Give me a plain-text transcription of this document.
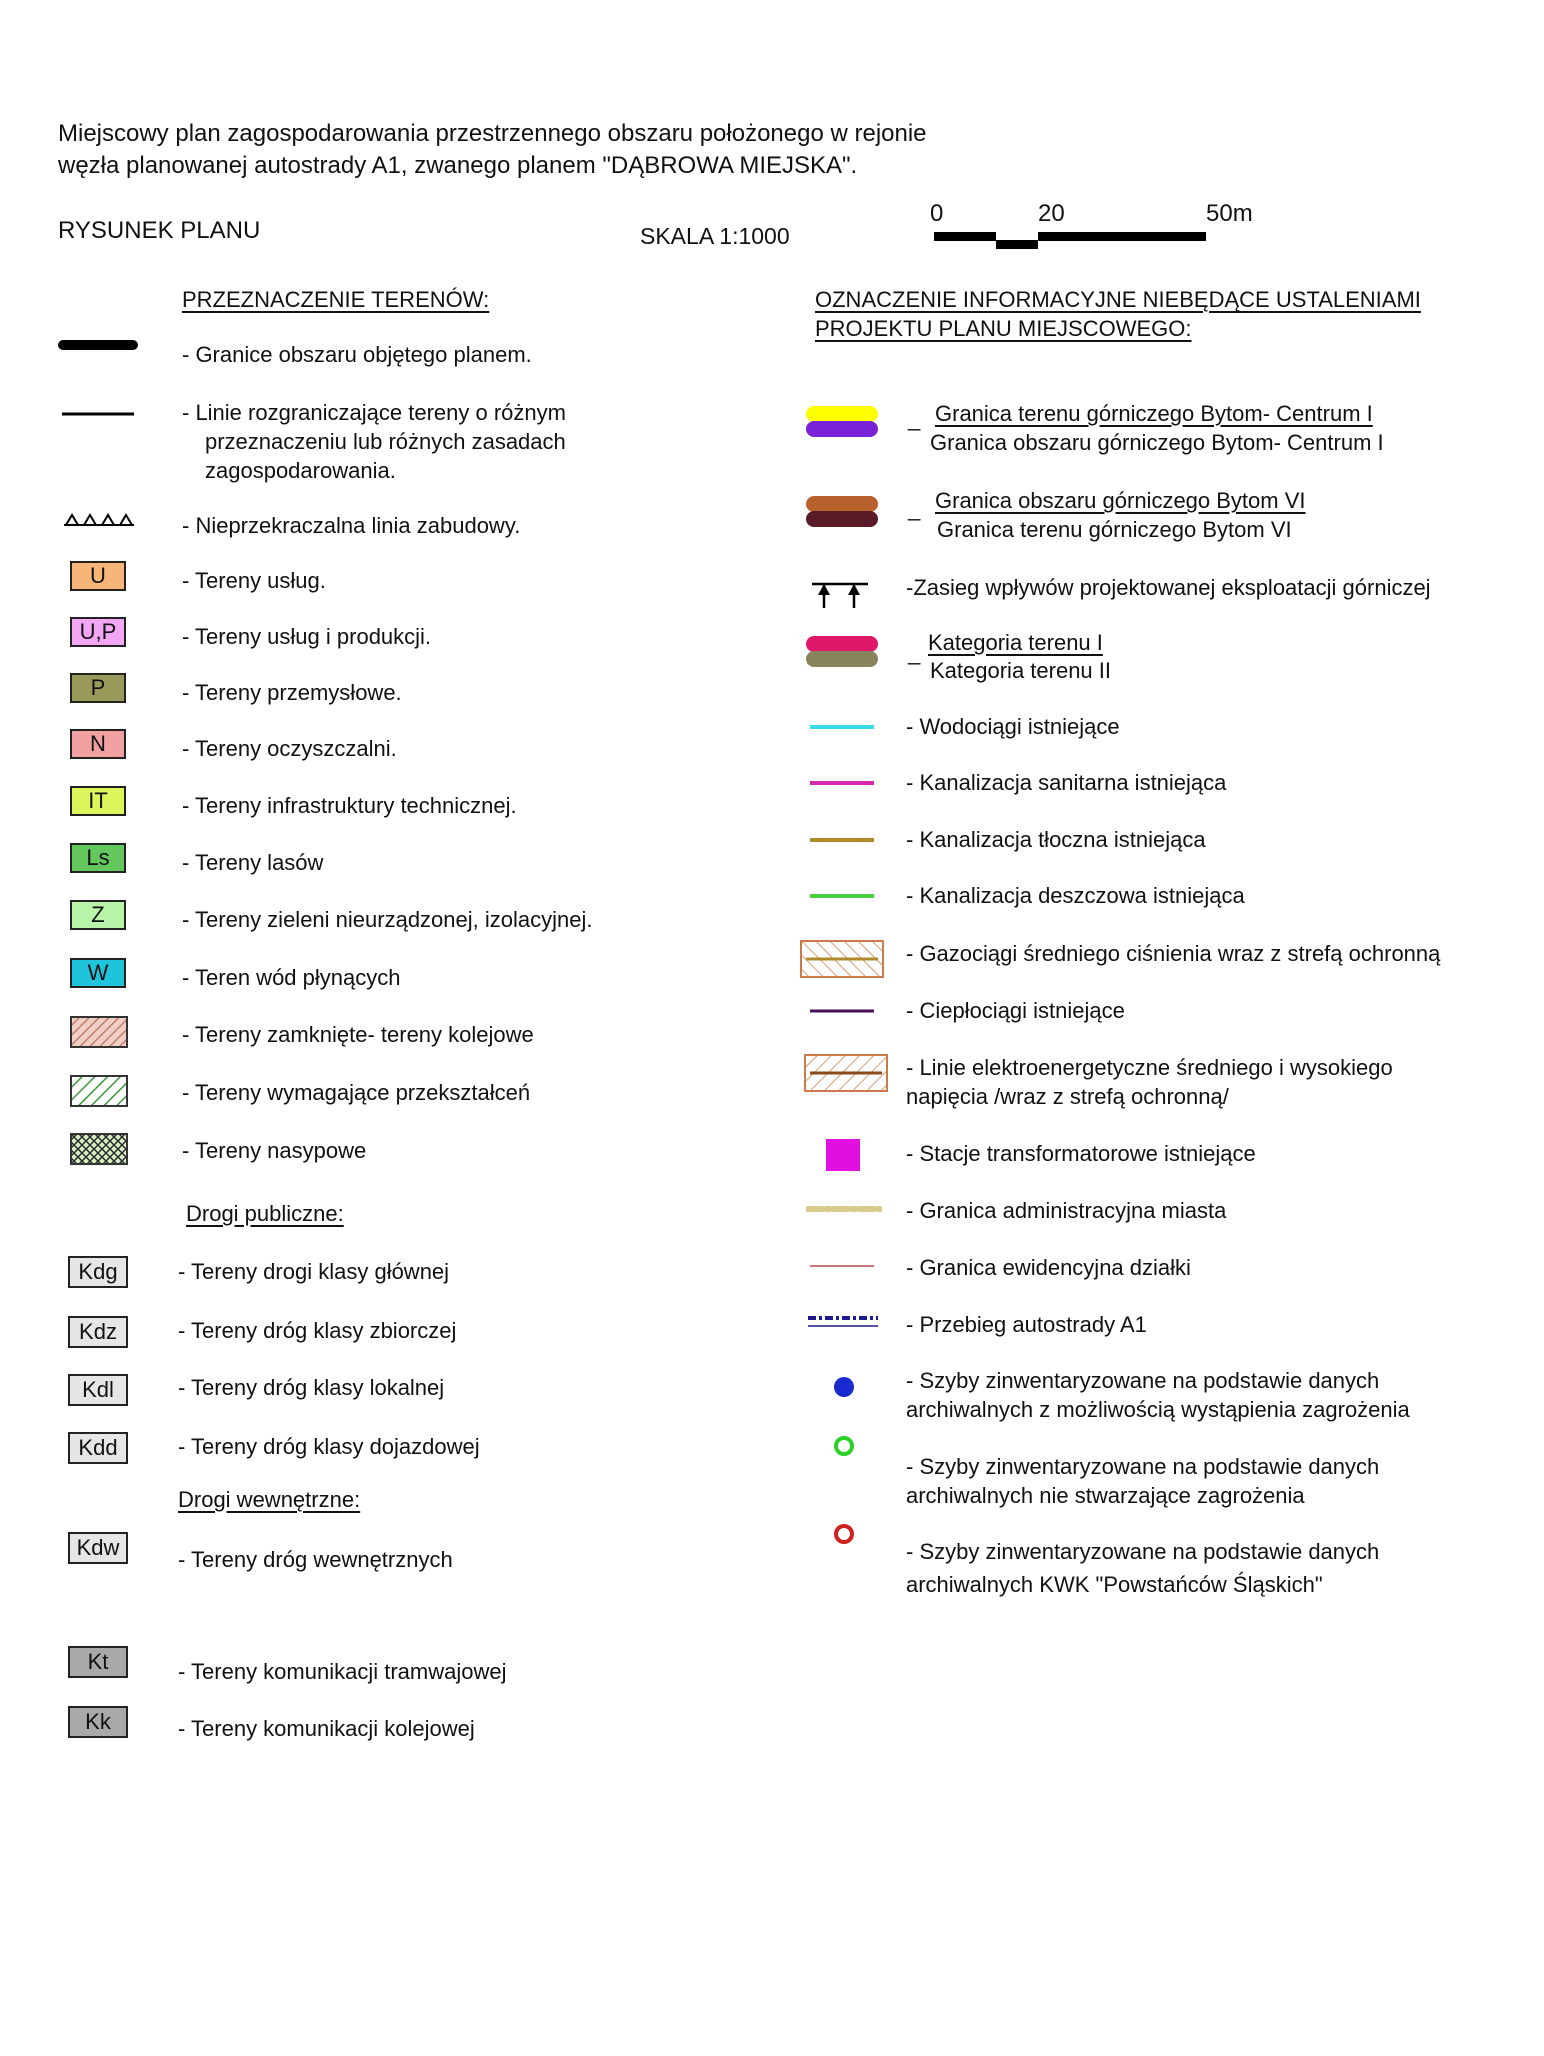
Miejscowy plan zagospodarowania przestrzennego obszaru położonego w rejonie
węzła planowanej autostrady A1, zwanego planem "DĄBROWA MIEJSKA".
RYSUNEK PLANU	SKALA 1:1000
0	20	50m
PRZEZNACZENIE TERENÓW:
- Granice obszaru objętego planem.
- Linie rozgraniczające tereny o różnym
przeznaczeniu lub różnych zasadach
zagospodarowania.
- Nieprzekraczalna linia zabudowy.
U	- Tereny usług.
U,P	- Tereny usług i produkcji.
P	- Tereny przemysłowe.
N	- Tereny oczyszczalni.
IT	- Tereny infrastruktury technicznej.
Ls	- Tereny lasów
Z	- Tereny zieleni nieurządzonej, izolacyjnej.
W	- Teren wód płynących
- Tereny zamknięte- tereny kolejowe
- Tereny wymagające przekształceń
- Tereny nasypowe
Drogi publiczne:
Kdg	- Tereny drogi klasy głównej
Kdz	- Tereny dróg klasy zbiorczej
Kdl	- Tereny dróg klasy lokalnej
Kdd	- Tereny dróg klasy dojazdowej
Drogi wewnętrzne:
Kdw	- Tereny dróg wewnętrznych
Kt	- Tereny komunikacji tramwajowej
Kk	- Tereny komunikacji kolejowej
OZNACZENIE INFORMACYJNE NIEBĘDĄCE USTALENIAMI
PROJEKTU PLANU MIEJSCOWEGO:
_ Granica terenu górniczego Bytom- Centrum I
Granica obszaru górniczego Bytom- Centrum I
_ Granica obszaru górniczego Bytom VI
Granica terenu górniczego Bytom VI
-Zasieg wpływów projektowanej eksploatacji górniczej
_ Kategoria terenu I
Kategoria terenu II
- Wodociągi istniejące
- Kanalizacja sanitarna istniejąca
- Kanalizacja tłoczna istniejąca
- Kanalizacja deszczowa istniejąca
- Gazociągi średniego ciśnienia wraz z strefą ochronną
- Ciepłociągi istniejące
- Linie elektroenergetyczne średniego i wysokiego
napięcia /wraz z strefą ochronną/
- Stacje transformatorowe istniejące
- Granica administracyjna miasta
- Granica ewidencyjna działki
- Przebieg autostrady A1
- Szyby zinwentaryzowane na podstawie danych
archiwalnych z możliwością wystąpienia zagrożenia
- Szyby zinwentaryzowane na podstawie danych
archiwalnych nie stwarzające zagrożenia
- Szyby zinwentaryzowane na podstawie danych
archiwalnych KWK "Powstańców Śląskich"
